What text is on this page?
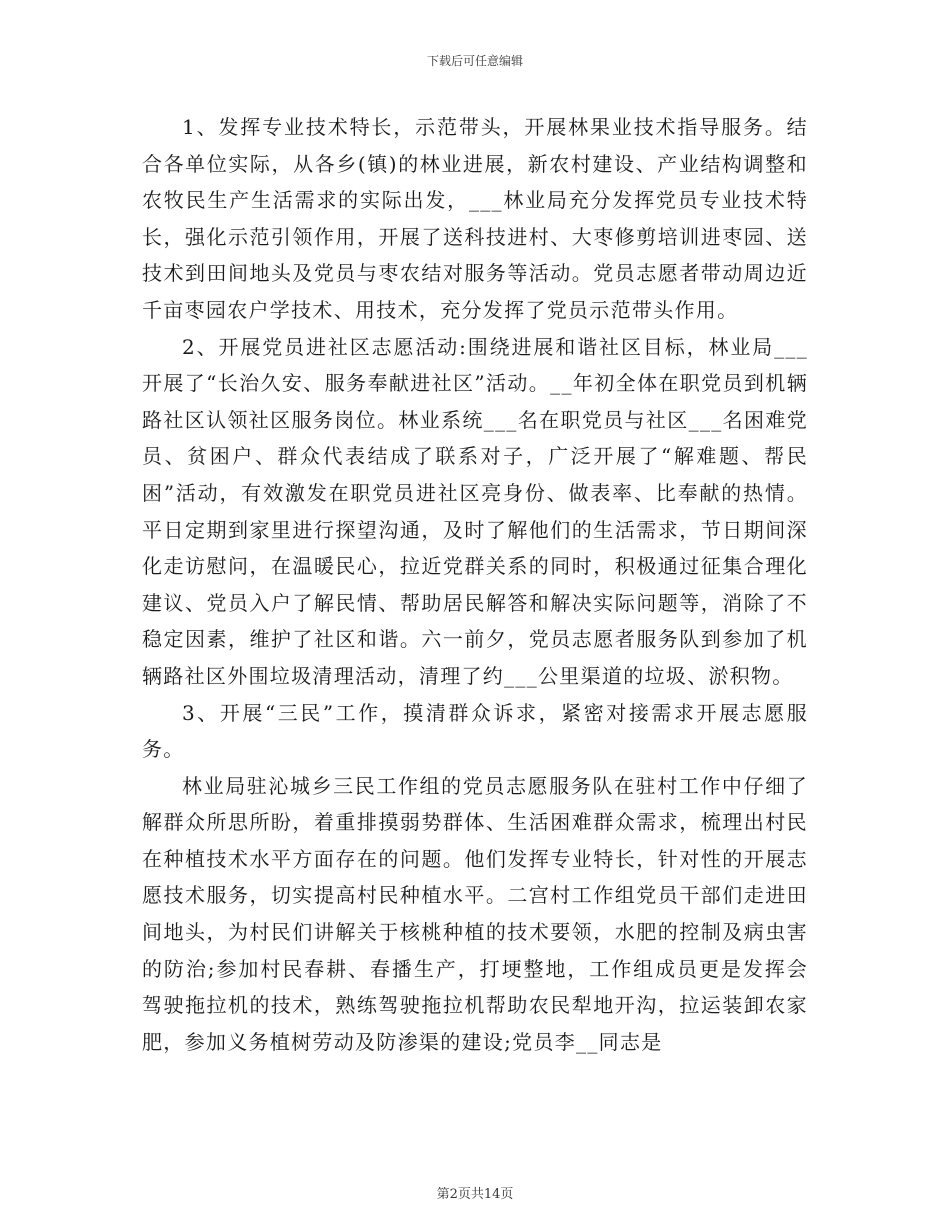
下载后可任意编辑

1、发挥专业技术特长，示范带头，开展林果业技术指导服务。结合各单位实际，从各乡(镇)的林业进展，新农村建设、产业结构调整和农牧民生产生活需求的实际出发，___林业局充分发挥党员专业技术特长，强化示范引领作用，开展了送科技进村、大枣修剪培训进枣园、送技术到田间地头及党员与枣农结对服务等活动。党员志愿者带动周边近千亩枣园农户学技术、用技术，充分发挥了党员示范带头作用。

2、开展党员进社区志愿活动:围绕进展和谐社区目标，林业局___开展了“长治久安、服务奉献进社区”活动。__年初全体在职党员到机辆路社区认领社区服务岗位。林业系统___名在职党员与社区___名困难党员、贫困户、群众代表结成了联系对子，广泛开展了“解难题、帮民困”活动，有效激发在职党员进社区亮身份、做表率、比奉献的热情。平日定期到家里进行探望沟通，及时了解他们的生活需求，节日期间深化走访慰问，在温暖民心，拉近党群关系的同时，积极通过征集合理化建议、党员入户了解民情、帮助居民解答和解决实际问题等，消除了不稳定因素，维护了社区和谐。六一前夕，党员志愿者服务队到参加了机辆路社区外围垃圾清理活动，清理了约___公里渠道的垃圾、淤积物。

3、开展“三民”工作，摸清群众诉求，紧密对接需求开展志愿服务。

林业局驻沁城乡三民工作组的党员志愿服务队在驻村工作中仔细了解群众所思所盼，着重排摸弱势群体、生活困难群众需求，梳理出村民在种植技术水平方面存在的问题。他们发挥专业特长，针对性的开展志愿技术服务，切实提高村民种植水平。二宫村工作组党员干部们走进田间地头，为村民们讲解关于核桃种植的技术要领，水肥的控制及病虫害的防治;参加村民春耕、春播生产，打埂整地，工作组成员更是发挥会驾驶拖拉机的技术，熟练驾驶拖拉机帮助农民犁地开沟，拉运装卸农家肥，参加义务植树劳动及防渗渠的建设;党员李__同志是

第2页共14页
